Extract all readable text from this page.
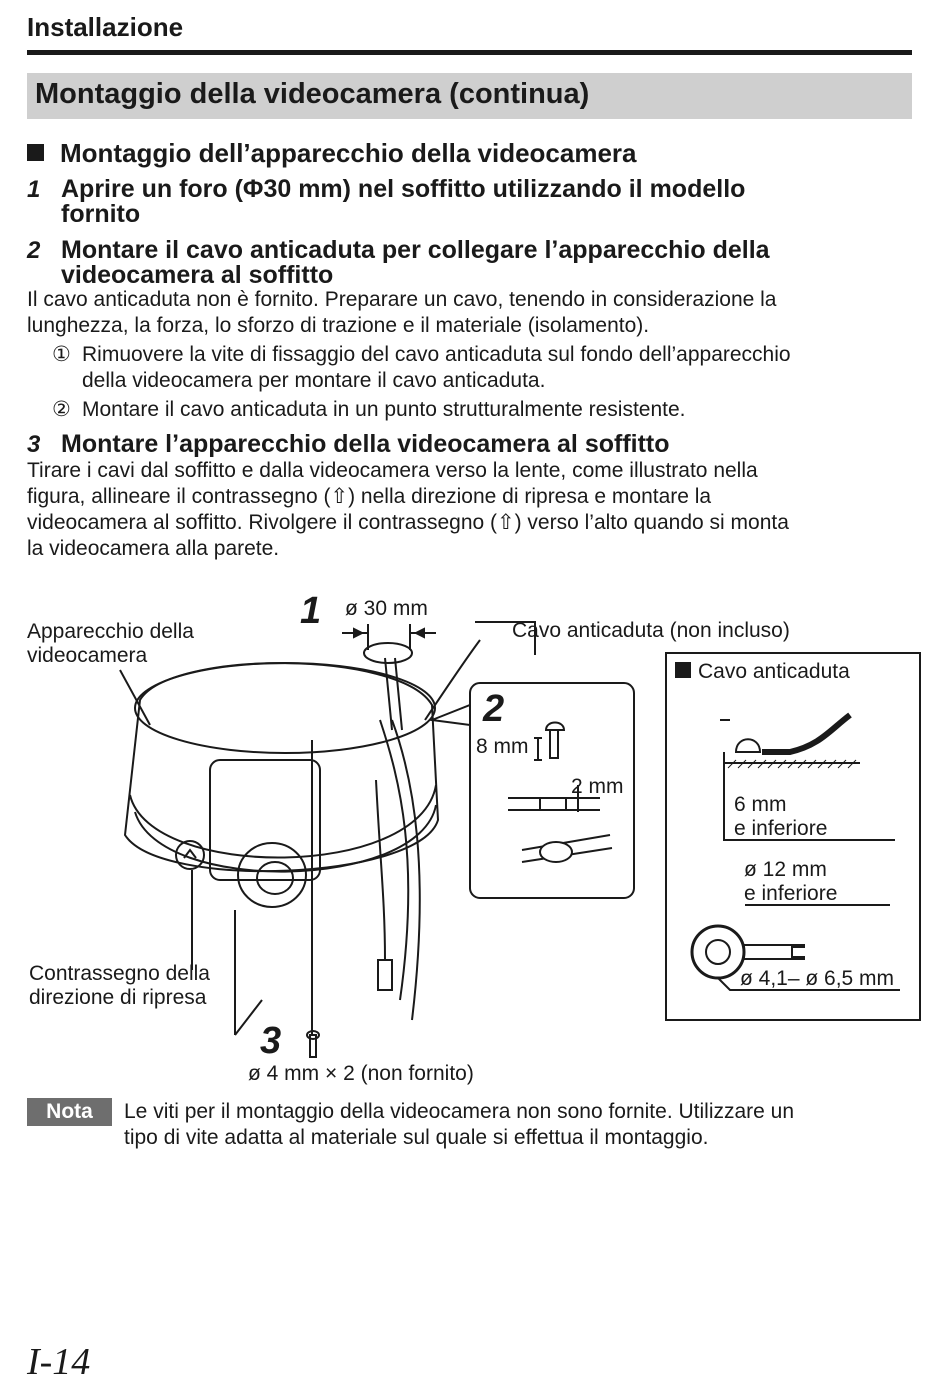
Installazione
Montaggio della videocamera (continua)
Montaggio dell’apparecchio della videocamera
1 Aprire un foro (Φ30 mm) nel soffitto utilizzando il modello
fornito
2 Montare il cavo anticaduta per collegare l’apparecchio della
videocamera al soffitto
Il cavo anticaduta non è fornito. Preparare un cavo, tenendo in considerazione la
lunghezza, la forza, lo sforzo di trazione e il materiale (isolamento).
① Rimuovere la vite di fissaggio del cavo anticaduta sul fondo dell’apparecchio
della videocamera per montare il cavo anticaduta.
② Montare il cavo anticaduta in un punto strutturalmente resistente.
3 Montare l’apparecchio della videocamera al soffitto
Tirare i cavi dal soffitto e dalla videocamera verso la lente, come illustrato nella
figura, allineare il contrassegno (⇧) nella direzione di ripresa e montare la
videocamera al soffitto. Rivolgere il contrassegno (⇧) verso l’alto quando si monta
la videocamera alla parete.
Apparecchio della
videocamera
1 ø 30 mm
Cavo anticaduta (non incluso)
2
8 mm
2 mm
Cavo anticaduta
6 mm
e inferiore
ø 12 mm
e inferiore
ø 4,1– ø 6,5 mm
Contrassegno della
direzione di ripresa
3
ø 4 mm × 2 (non fornito)
Nota	Le viti per il montaggio della videocamera non sono fornite. Utilizzare un
tipo di vite adatta al materiale sul quale si effettua il montaggio.
I-14
